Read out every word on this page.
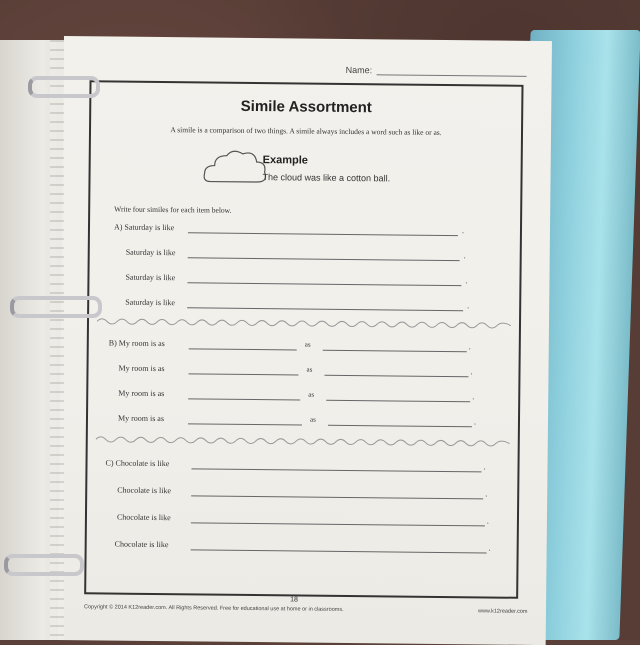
Name:
Simile Assortment
A simile is a comparison of two things. A simile always includes a word such as like or as.
Example
The cloud was like a cotton ball.
Write four similes for each item below.
A) Saturday is like	.
Saturday is like	.
Saturday is like	.
Saturday is like	.
B) My room is as	as	.
My room is as	as	.
My room is as	as	.
My room is as	as	.
C) Chocolate is like	.
Chocolate is like	.
Chocolate is like	.
Chocolate is like	.
18
Copyright © 2014 K12reader.com. All Rights Reserved. Free for educational use at home or in classrooms.	www.k12reader.com
